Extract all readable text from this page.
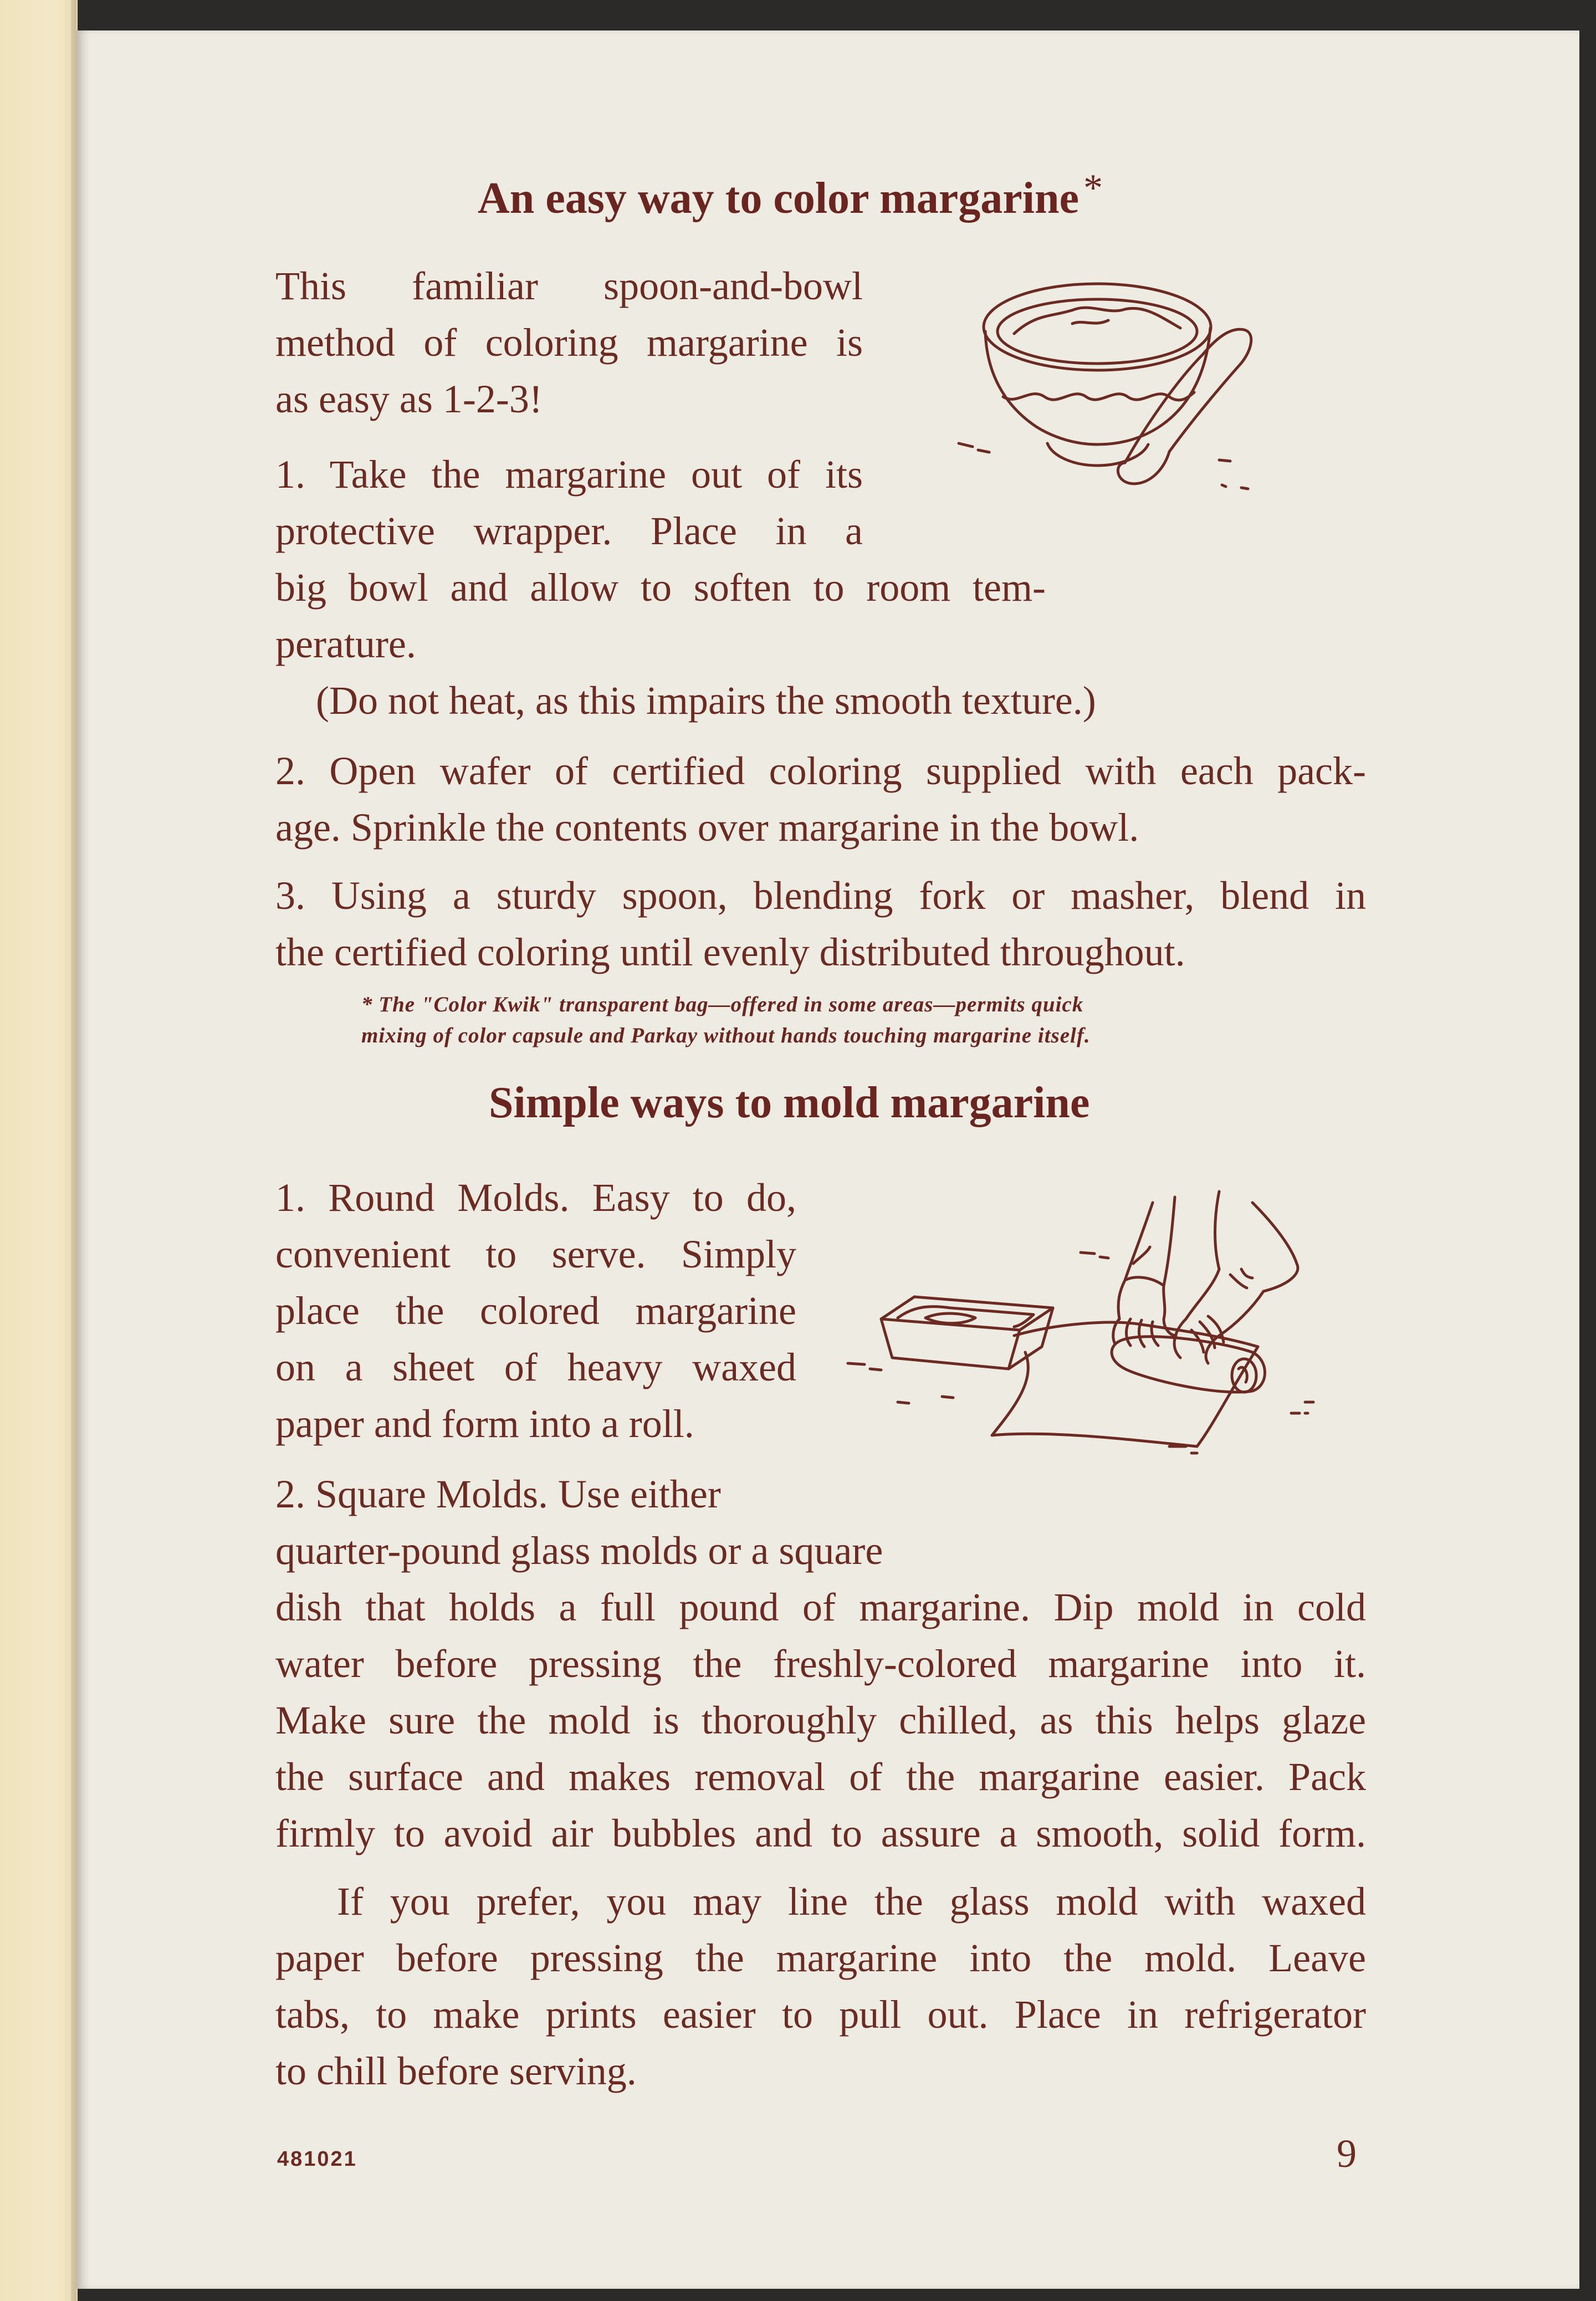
An easy way to color margarine *
This familiar spoon-and-bowl
method of coloring margarine is
as easy as 1-2-3!
1. Take the margarine out of its
protective wrapper. Place in a
big bowl and allow to soften to room tem-
perature.
(Do not heat, as this impairs the smooth texture.)
2. Open wafer of certified coloring supplied with each pack-
age. Sprinkle the contents over margarine in the bowl.
3. Using a sturdy spoon, blending fork or masher, blend in
the certified coloring until evenly distributed throughout.
* The "Color Kwik" transparent bag—offered in some areas—permits quick
mixing of color capsule and Parkay without hands touching margarine itself.
Simple ways to mold margarine
1. Round Molds. Easy to do,
convenient to serve. Simply
place the colored margarine
on a sheet of heavy waxed
paper and form into a roll.
2. Square Molds. Use either
quarter-pound glass molds or a square
dish that holds a full pound of margarine. Dip mold in cold
water before pressing the freshly-colored margarine into it.
Make sure the mold is thoroughly chilled, as this helps glaze
the surface and makes removal of the margarine easier. Pack
firmly to avoid air bubbles and to assure a smooth, solid form.
If you prefer, you may line the glass mold with waxed
paper before pressing the margarine into the mold. Leave
tabs, to make prints easier to pull out. Place in refrigerator
to chill before serving.
481021	9
